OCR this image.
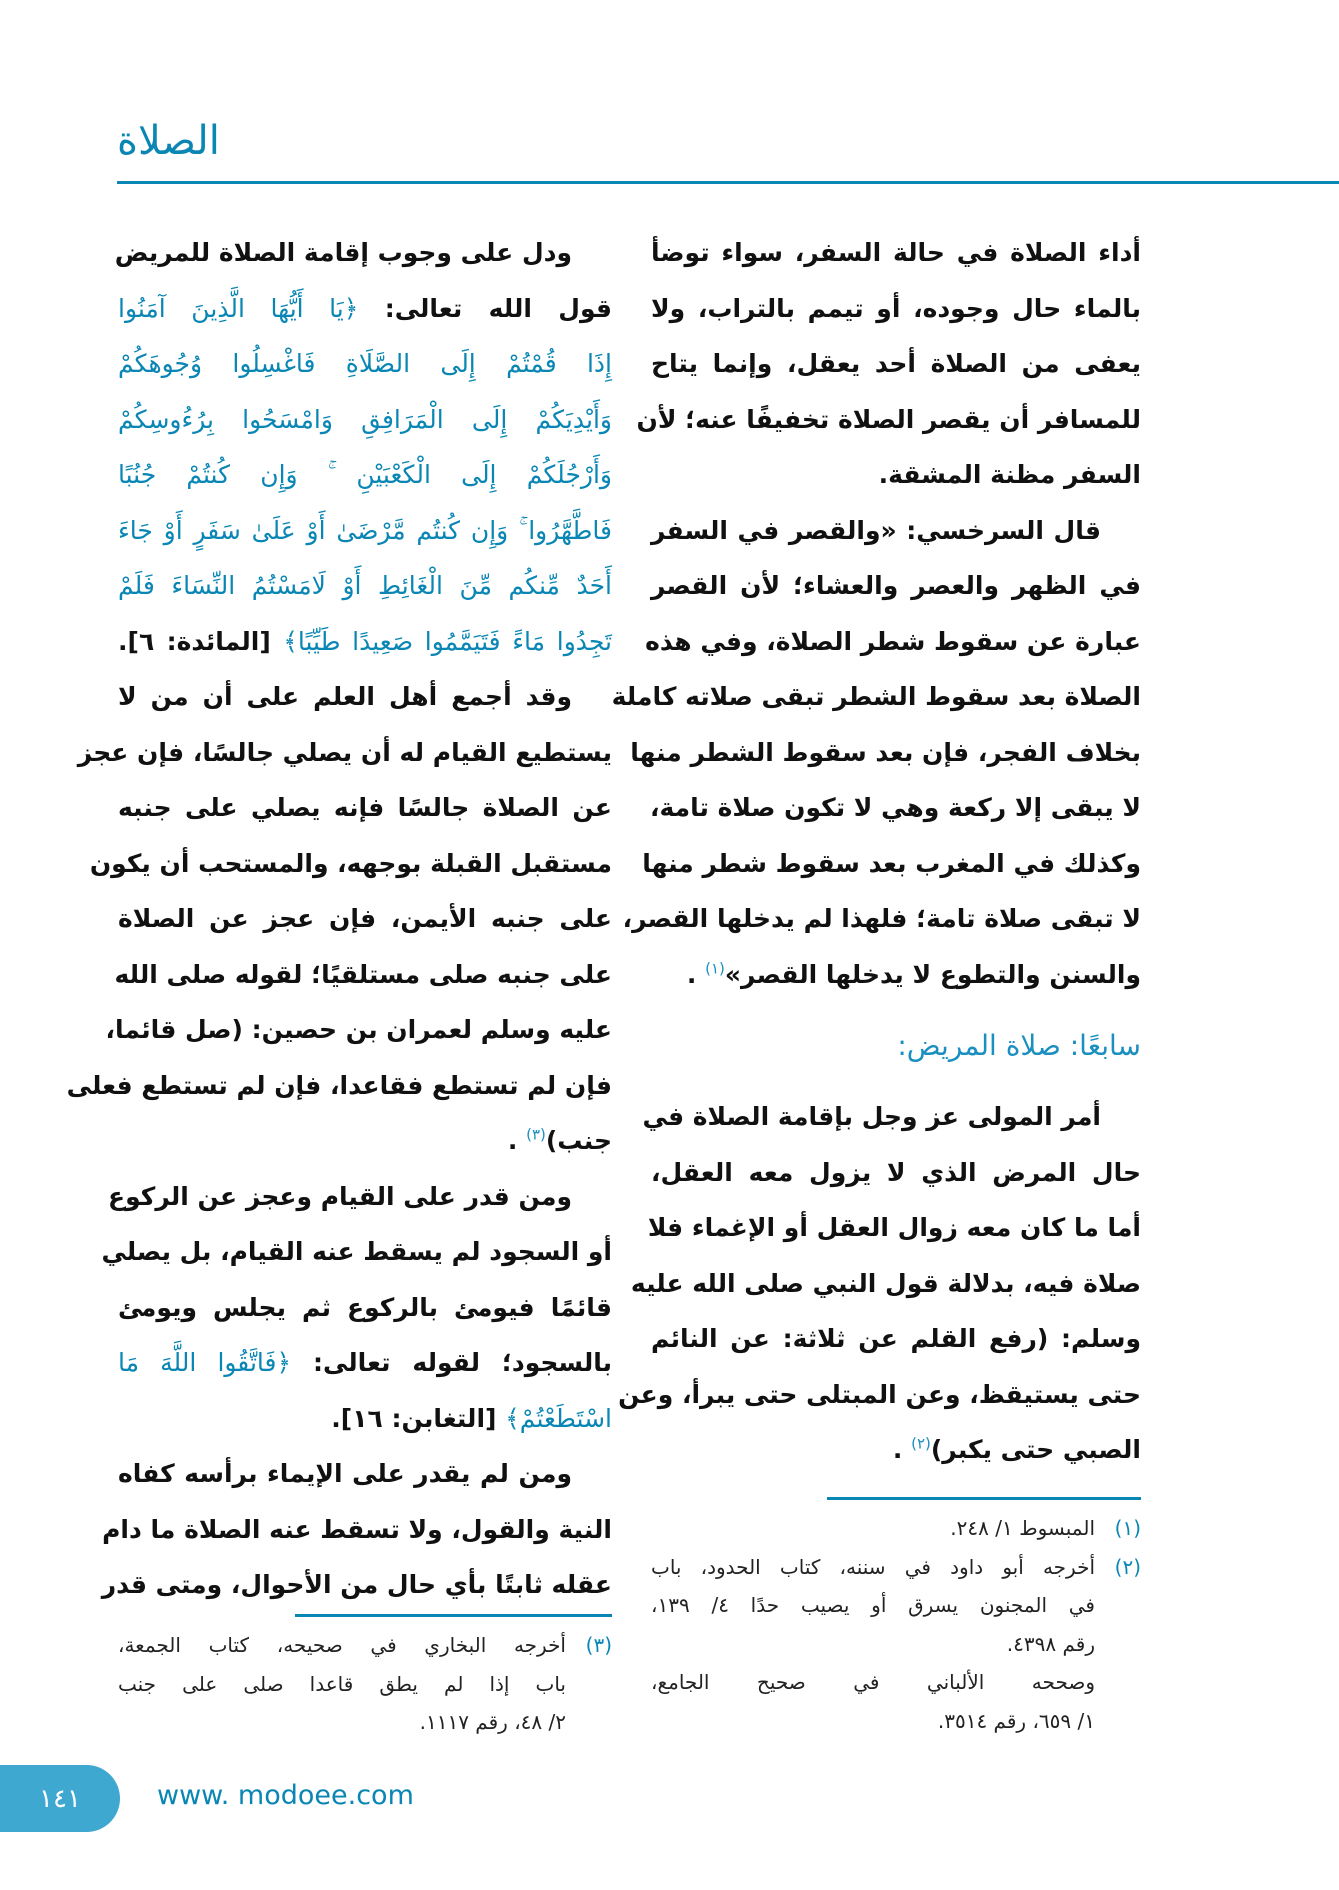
الصلاة
أداء الصلاة في حالة السفر، سواء توضأ
بالماء حال وجوده، أو تيمم بالتراب، ولا
يعفى من الصلاة أحد يعقل، وإنما يتاح
للمسافر أن يقصر الصلاة تخفيفًا عنه؛ لأن
السفر مظنة المشقة.
قال السرخسي: «والقصر في السفر
في الظهر والعصر والعشاء؛ لأن القصر
عبارة عن سقوط شطر الصلاة، وفي هذه
الصلاة بعد سقوط الشطر تبقى صلاته كاملة
بخلاف الفجر، فإن بعد سقوط الشطر منها
لا يبقى إلا ركعة وهي لا تكون صلاة تامة،
وكذلك في المغرب بعد سقوط شطر منها
لا تبقى صلاة تامة؛ فلهذا لم يدخلها القصر،
والسنن والتطوع لا يدخلها القصر»$^{(١)}$ .
سابعًا: صلاة المريض:
أمر المولى عز وجل بإقامة الصلاة في
حال المرض الذي لا يزول معه العقل،
أما ما كان معه زوال العقل أو الإغماء فلا
صلاة فيه، بدلالة قول النبي صلى الله عليه
وسلم: (رفع القلم عن ثلاثة: عن النائم
حتى يستيقظ، وعن المبتلى حتى يبرأ، وعن
الصبي حتى يكبر)$^{(٢)}$ .
(١)المبسوط ١/ ٢٤٨.
(٢)أخرجه أبو داود في سننه، كتاب الحدود، باب
في المجنون يسرق أو يصيب حدًا ٤/ ١٣٩،
رقم ٤٣٩٨.
وصححه الألباني في صحيح الجامع،
١/ ٦٥٩، رقم ٣٥١٤.
ودل على وجوب إقامة الصلاة للمريض
قول الله تعالى: ﴿يَا أَيُّهَا الَّذِينَ آمَنُوا
إِذَا قُمْتُمْ إِلَى الصَّلَاةِ فَاغْسِلُوا وُجُوهَكُمْ
وَأَيْدِيَكُمْ إِلَى الْمَرَافِقِ وَامْسَحُوا بِرُءُوسِكُمْ
وَأَرْجُلَكُمْ إِلَى الْكَعْبَيْنِ ۚ وَإِن كُنتُمْ جُنُبًا
فَاطَّهَّرُوا ۚ وَإِن كُنتُم مَّرْضَىٰ أَوْ عَلَىٰ سَفَرٍ أَوْ جَاءَ
أَحَدٌ مِّنكُم مِّنَ الْغَائِطِ أَوْ لَامَسْتُمُ النِّسَاءَ فَلَمْ
تَجِدُوا مَاءً فَتَيَمَّمُوا صَعِيدًا طَيِّبًا﴾ [المائدة: ٦].
وقد أجمع أهل العلم على أن من لا
يستطيع القيام له أن يصلي جالسًا، فإن عجز
عن الصلاة جالسًا فإنه يصلي على جنبه
مستقبل القبلة بوجهه، والمستحب أن يكون
على جنبه الأيمن، فإن عجز عن الصلاة
على جنبه صلى مستلقيًا؛ لقوله صلى الله
عليه وسلم لعمران بن حصين: (صل قائما،
فإن لم تستطع فقاعدا، فإن لم تستطع فعلى
جنب)$^{(٣)}$ .
ومن قدر على القيام وعجز عن الركوع
أو السجود لم يسقط عنه القيام، بل يصلي
قائمًا فيومئ بالركوع ثم يجلس ويومئ
بالسجود؛ لقوله تعالى: ﴿فَاتَّقُوا اللَّهَ مَا
اسْتَطَعْتُمْ﴾ [التغابن: ١٦].
ومن لم يقدر على الإيماء برأسه كفاه
النية والقول، ولا تسقط عنه الصلاة ما دام
عقله ثابتًا بأي حال من الأحوال، ومتى قدر
(٣)أخرجه البخاري في صحيحه، كتاب الجمعة،
باب إذا لم يطق قاعدا صلى على جنب
٢/ ٤٨، رقم ١١١٧.
١٤١	www. modoee.com
